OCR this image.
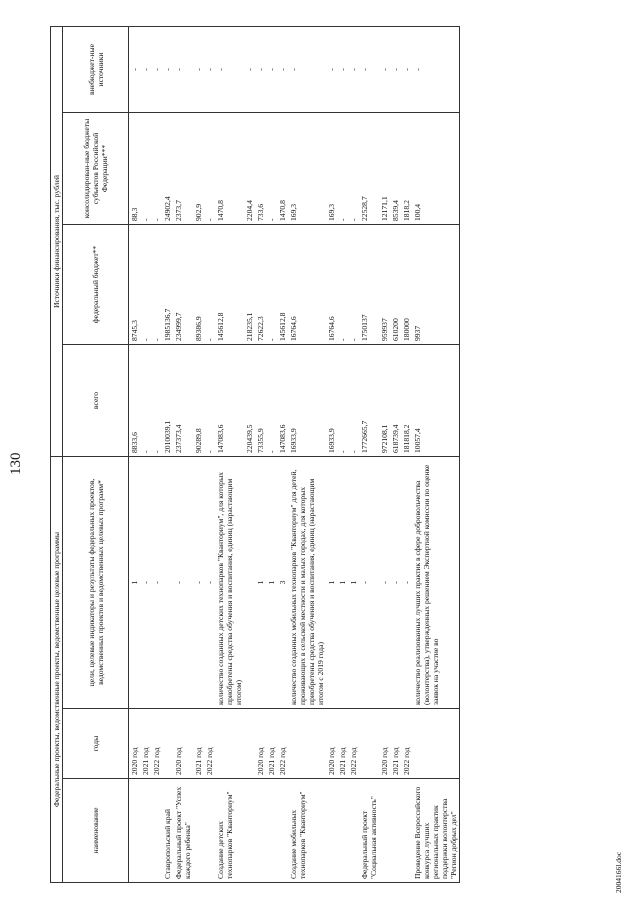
130
Федеральные проекты, ведомственные проекты, ведомственные целевые программы			Источники финансирования, тыс. рублей			
наименование	годы	цели, целевые индикаторы и результаты федеральных проектов, ведомственных проектов и ведомственных целевых программ*	всего	федеральный бюджет**	консолидирован-ные бюджеты субъектов Российской Федерации***	внебюджет-ные источники
	2020 год	1	8833,6	8745,3	88,3	-
	2021 год	-	-	-	-	-
	2022 год	-	-	-	-	-
Ставропольский край			2010039,1	1985136,7	24902,4	-
Федеральный проект "Успех каждого ребенка"	2020 год	-	237373,4	234999,7	2373,7	-
	2021 год	-	90289,8	89386,9	902,9	-
	2022 год	-	-	-	-	-
Создание детских технопарков "Кванториум"		количество созданных детских технопарков "Кванториум", для которых приобретены средства обучения и воспитания, единиц (нарастающим итогом)	147083,6	145612,8	1470,8	-
			220439,5	218235,1	2204,4	-
	2020 год	1	73355,9	72622,3	733,6	-
	2021 год	1	-	-	-	-
	2022 год	3	147083,6	145612,8	1470,8	-
Создание мобильных технопарков "Кванториум"		количество созданных мобильных технопарков "Кванториум" для детей, проживающих в сельской местности и малых городах, для которых приобретены средства обучения и воспитания, единиц (нарастающим итогом с 2019 года)	16933,9	16764,6	169,3	-
	2020 год	1	16933,9	16764,6	169,3	-
	2021 год	1	-	-	-	-
	2022 год	1	-	-	-	-
Федеральный проект "Социальная активность"		-	1772665,7	1750137	22528,7	-
	2020 год	-	972108,1	959937	12171,1	-
	2021 год	-	618739,4	610200	8539,4	-
	2022 год	-	181818,2	180000	1818,2	-
Проведение Всероссийского конкурса лучших региональных практик поддержки волонтерства "Регион добрых дел"		количество реализованных лучших практик в сфере добровольчества (волонтерства), утвержденных решением Экспертной комиссии по оценке заявок на участие во	10057,4	9937	100,4	-
2004166l.doc
